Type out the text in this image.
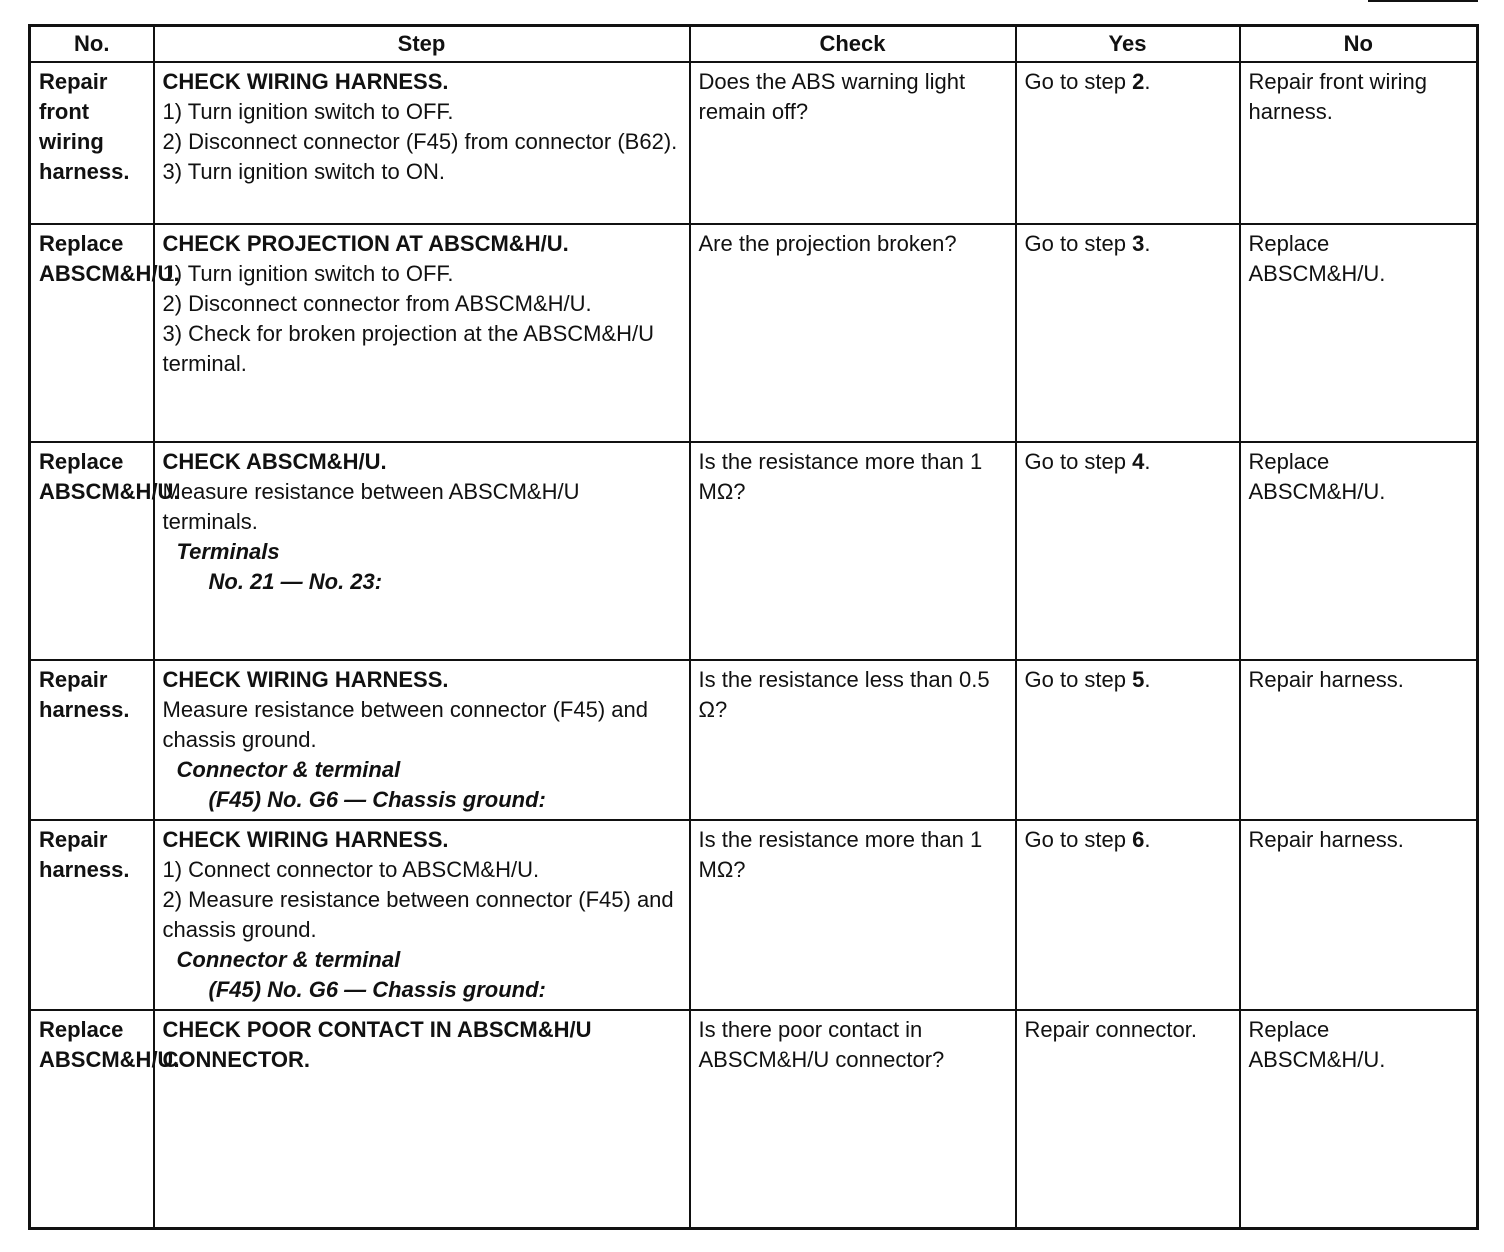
No.	Step	Check	Yes	No
Repair front wiring harness.	CHECK WIRING HARNESS.
1) Turn ignition switch to OFF.
2) Disconnect connector (F45) from connector (B62).
3) Turn ignition switch to ON.	Does the ABS warning light remain off?	Go to step 2.	Repair front wiring harness.
Replace ABSCM&H/U.	CHECK PROJECTION AT ABSCM&H/U.
1) Turn ignition switch to OFF.
2) Disconnect connector from ABSCM&H/U.
3) Check for broken projection at the ABSCM&H/U terminal.	Are the projection broken?	Go to step 3.	Replace ABSCM&H/U.
Replace ABSCM&H/U.	CHECK ABSCM&H/U.
Measure resistance between ABSCM&H/U terminals.
Terminals
No. 21 — No. 23:	Is the resistance more than 1 MΩ?	Go to step 4.	Replace ABSCM&H/U.
Repair harness.	CHECK WIRING HARNESS.
Measure resistance between connector (F45) and chassis ground.
Connector & terminal
(F45) No. G6 — Chassis ground:	Is the resistance less than 0.5 Ω?	Go to step 5.	Repair harness.
Repair harness.	CHECK WIRING HARNESS.
1) Connect connector to ABSCM&H/U.
2) Measure resistance between connector (F45) and chassis ground.
Connector & terminal
(F45) No. G6 — Chassis ground:	Is the resistance more than 1 MΩ?	Go to step 6.	Repair harness.
Replace ABSCM&H/U.	CHECK POOR CONTACT IN ABSCM&H/U CONNECTOR.	Is there poor contact in ABSCM&H/U connector?	Repair connector.	Replace ABSCM&H/U.
